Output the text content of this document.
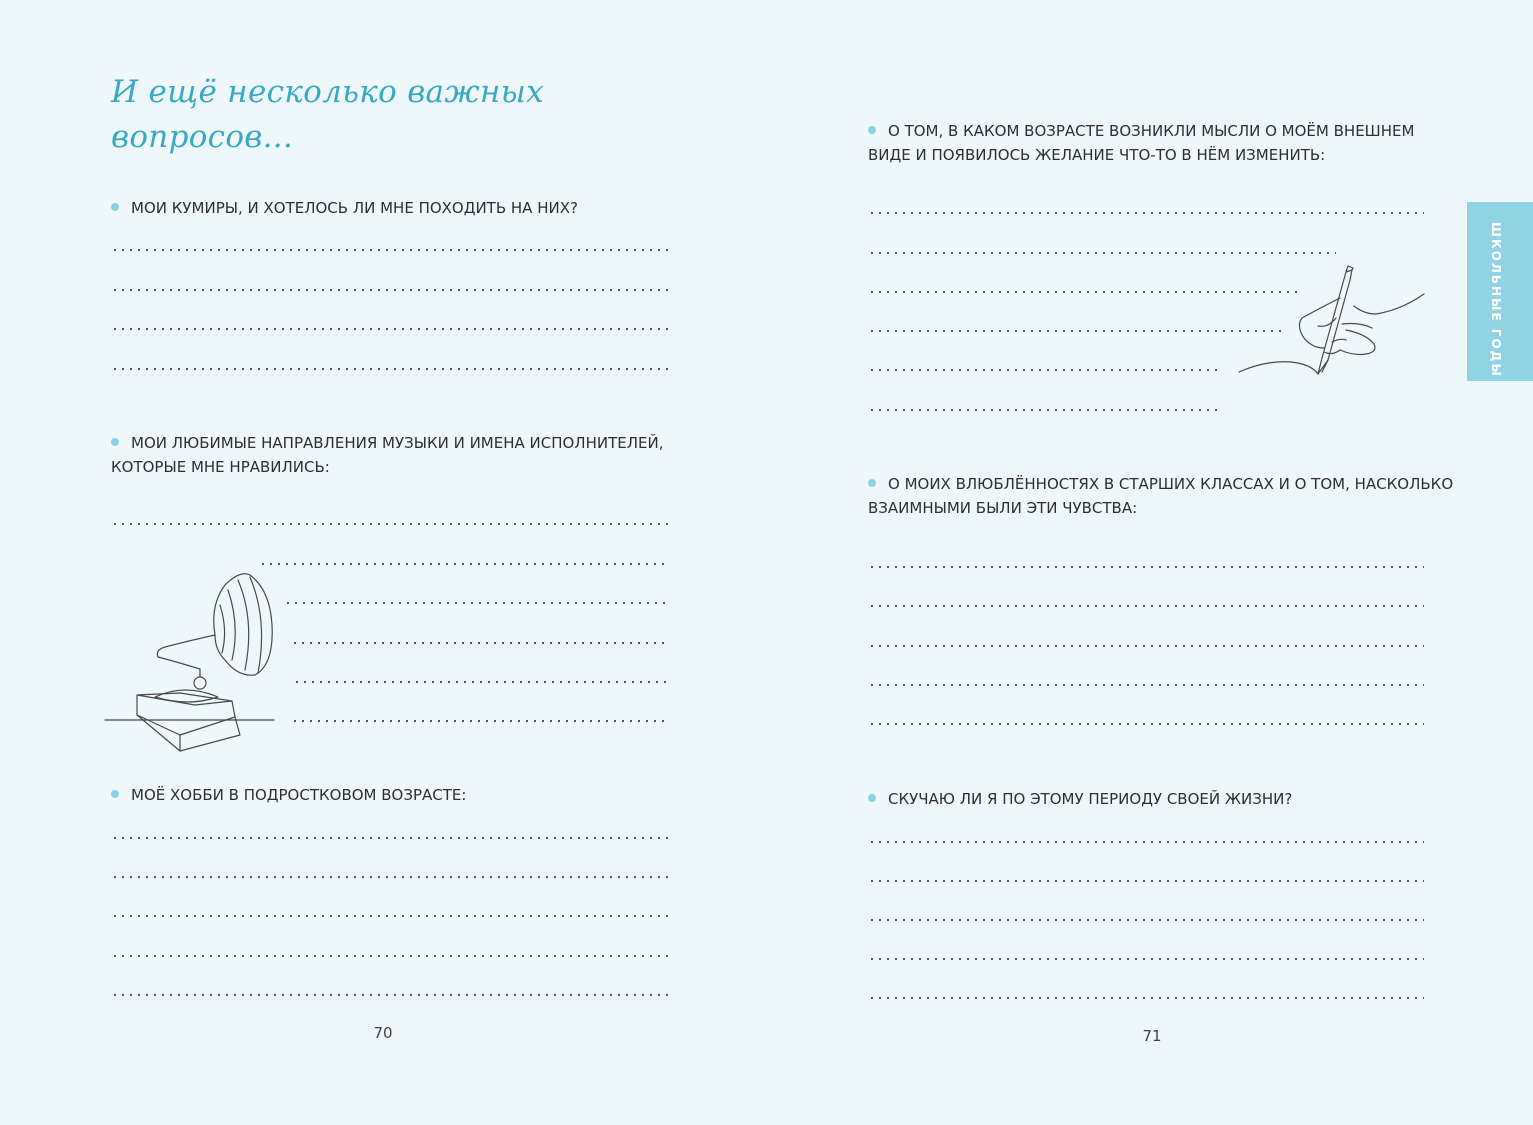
И ещё несколько важных вопросов...
МОИ КУМИРЫ, И ХОТЕЛОСЬ ЛИ МНЕ ПОХОДИТЬ НА НИХ?
МОИ ЛЮБИМЫЕ НАПРАВЛЕНИЯ МУЗЫКИ И ИМЕНА ИСПОЛНИТЕЛЕЙ,
КОТОРЫЕ МНЕ НРАВИЛИСЬ:
МОЁ ХОББИ В ПОДРОСТКОВОМ ВОЗРАСТЕ:
70
О ТОМ, В КАКОМ ВОЗРАСТЕ ВОЗНИКЛИ МЫСЛИ О МОЁМ ВНЕШНЕМ
ВИДЕ И ПОЯВИЛОСЬ ЖЕЛАНИЕ ЧТО-ТО В НЁМ ИЗМЕНИТЬ:
О МОИХ ВЛЮБЛЁННОСТЯХ В СТАРШИХ КЛАССАХ И О ТОМ, НАСКОЛЬКО
ВЗАИМНЫМИ БЫЛИ ЭТИ ЧУВСТВА:
СКУЧАЮ ЛИ Я ПО ЭТОМУ ПЕРИОДУ СВОЕЙ ЖИЗНИ?
71
ШКОЛЬНЫЕ ГОДЫ
